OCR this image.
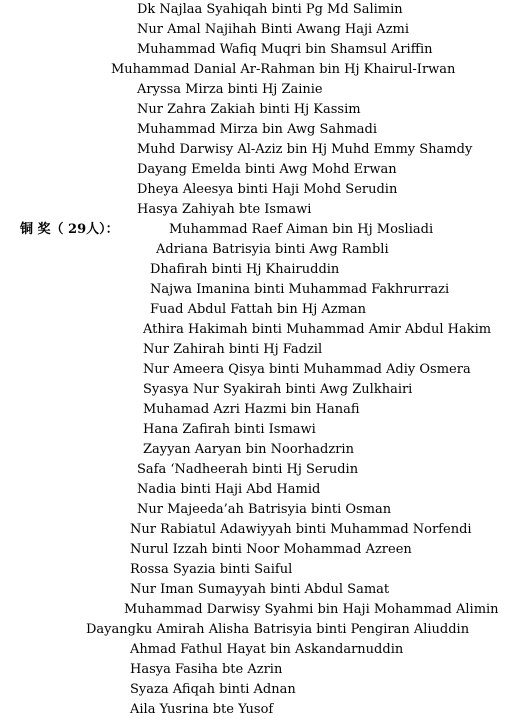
Dk Najlaa Syahiqah binti Pg Md Salimin
Nur Amal Najihah Binti Awang Haji Azmi
Muhammad Wafiq Muqri bin Shamsul Ariffin
Muhammad Danial Ar-Rahman bin Hj Khairul-Irwan
Aryssa Mirza binti Hj Zainie
Nur Zahra Zakiah binti Hj Kassim
Muhammad Mirza bin Awg Sahmadi
Muhd Darwisy Al-Aziz bin Hj Muhd Emmy Shamdy
Dayang Emelda binti Awg Mohd Erwan
Dheya Aleesya binti Haji Mohd Serudin
Hasya Zahiyah bte Ismawi
铜 奖（ 29人）：	Muhammad Raef Aiman bin Hj Mosliadi
Adriana Batrisyia binti Awg Rambli
Dhafirah binti Hj Khairuddin
Najwa Imanina binti Muhammad Fakhrurrazi
Fuad Abdul Fattah bin Hj Azman
Athira Hakimah binti Muhammad Amir Abdul Hakim
Nur Zahirah binti Hj Fadzil
Nur Ameera Qisya binti Muhammad Adiy Osmera
Syasya Nur Syakirah binti Awg Zulkhairi
Muhamad Azri Hazmi bin Hanafi
Hana Zafirah binti Ismawi
Zayyan Aaryan bin Noorhadzrin
Safa ‘Nadheerah binti Hj Serudin
Nadia binti Haji Abd Hamid
Nur Majeeda’ah Batrisyia binti Osman
Nur Rabiatul Adawiyyah binti Muhammad Norfendi
Nurul Izzah binti Noor Mohammad Azreen
Rossa Syazia binti Saiful
Nur Iman Sumayyah binti Abdul Samat
Muhammad Darwisy Syahmi bin Haji Mohammad Alimin
Dayangku Amirah Alisha Batrisyia binti Pengiran Aliuddin
Ahmad Fathul Hayat bin Askandarnuddin
Hasya Fasiha bte Azrin
Syaza Afiqah binti Adnan
Aila Yusrina bte Yusof
